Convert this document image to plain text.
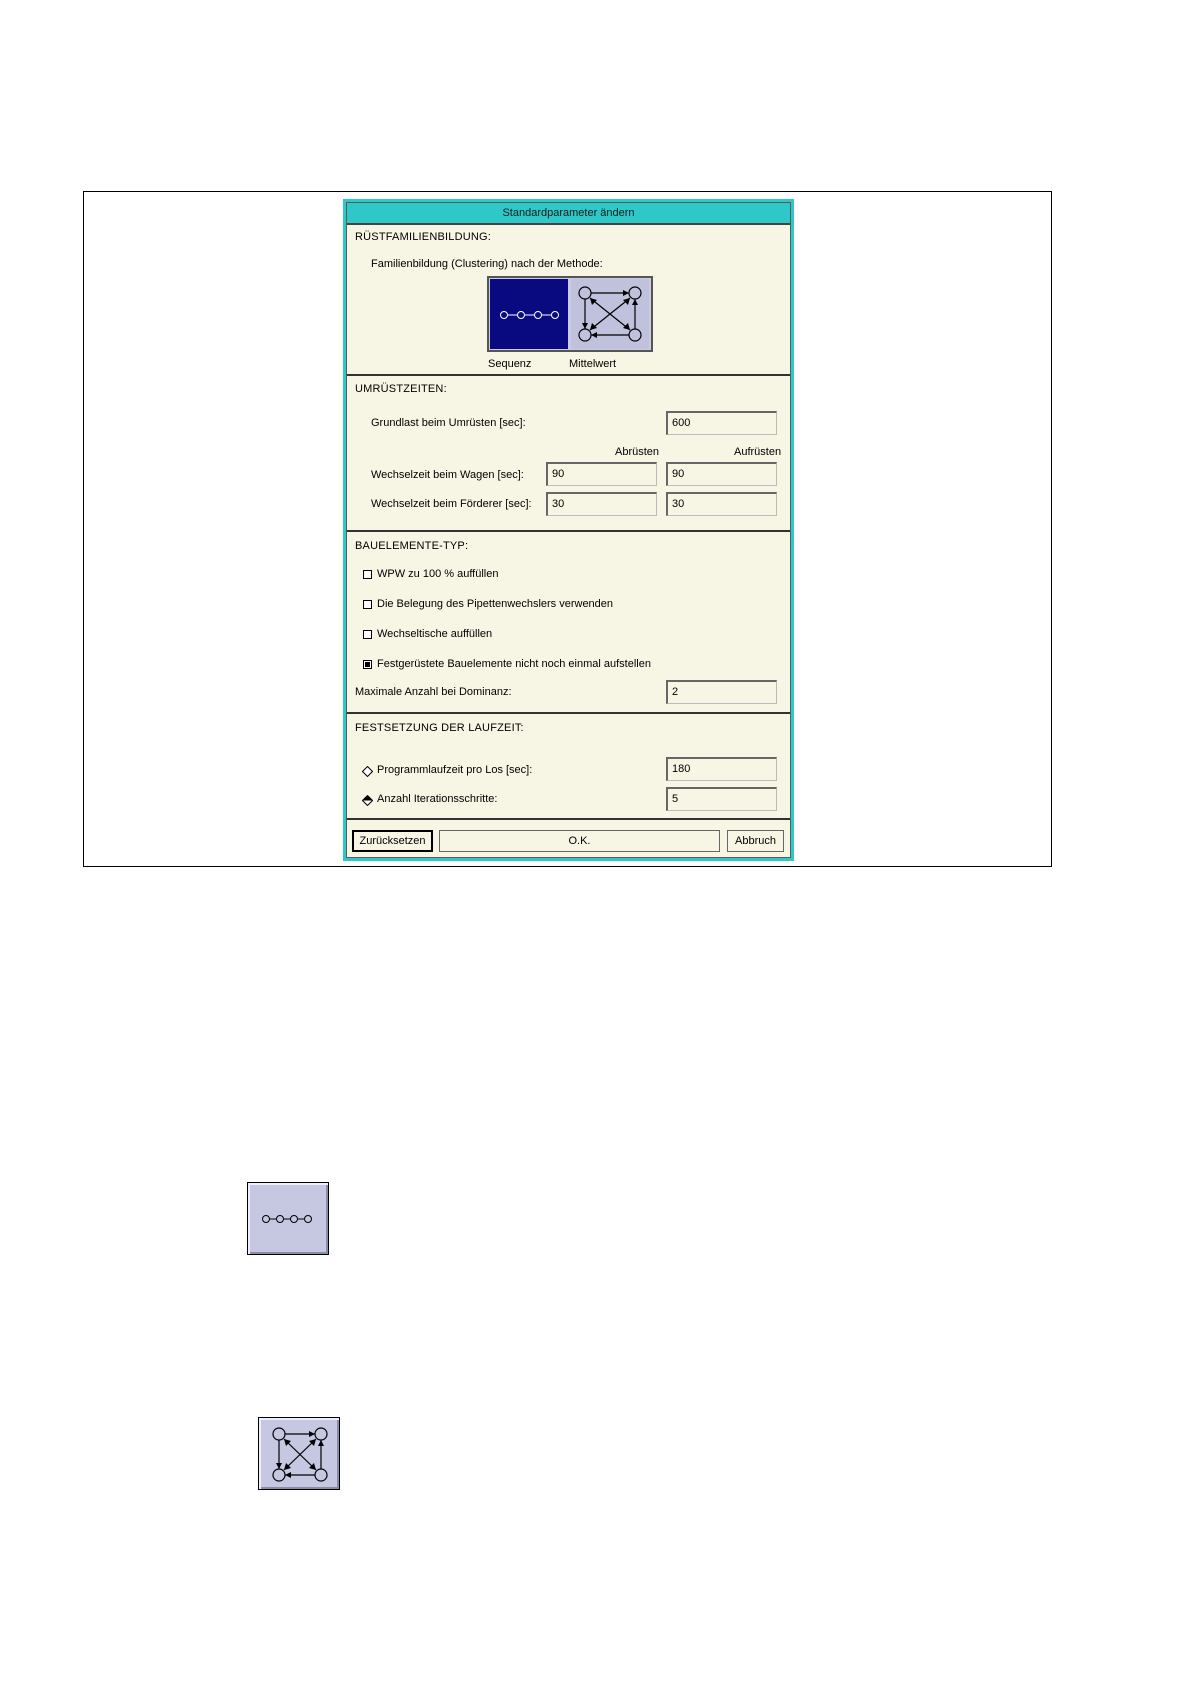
Standardparameter ändern
RÜSTFAMILIENBILDUNG:
Familienbildung (Clustering) nach der Methode:
Sequenz	Mittelwert
UMRÜSTZEITEN:
Grundlast beim Umrüsten [sec]:	600
Abrüsten	Aufrüsten
Wechselzeit beim Wagen [sec]:	90	90
Wechselzeit beim Förderer [sec]:	30	30
BAUELEMENTE-TYP:
WPW zu 100 % auffüllen
Die Belegung des Pipettenwechslers verwenden
Wechseltische auffüllen
Festgerüstete Bauelemente nicht noch einmal aufstellen
Maximale Anzahl bei Dominanz:	2
FESTSETZUNG DER LAUFZEIT:
Programmlaufzeit pro Los [sec]:	180
Anzahl Iterationsschritte:	5
Zurücksetzen	O.K.	Abbruch
